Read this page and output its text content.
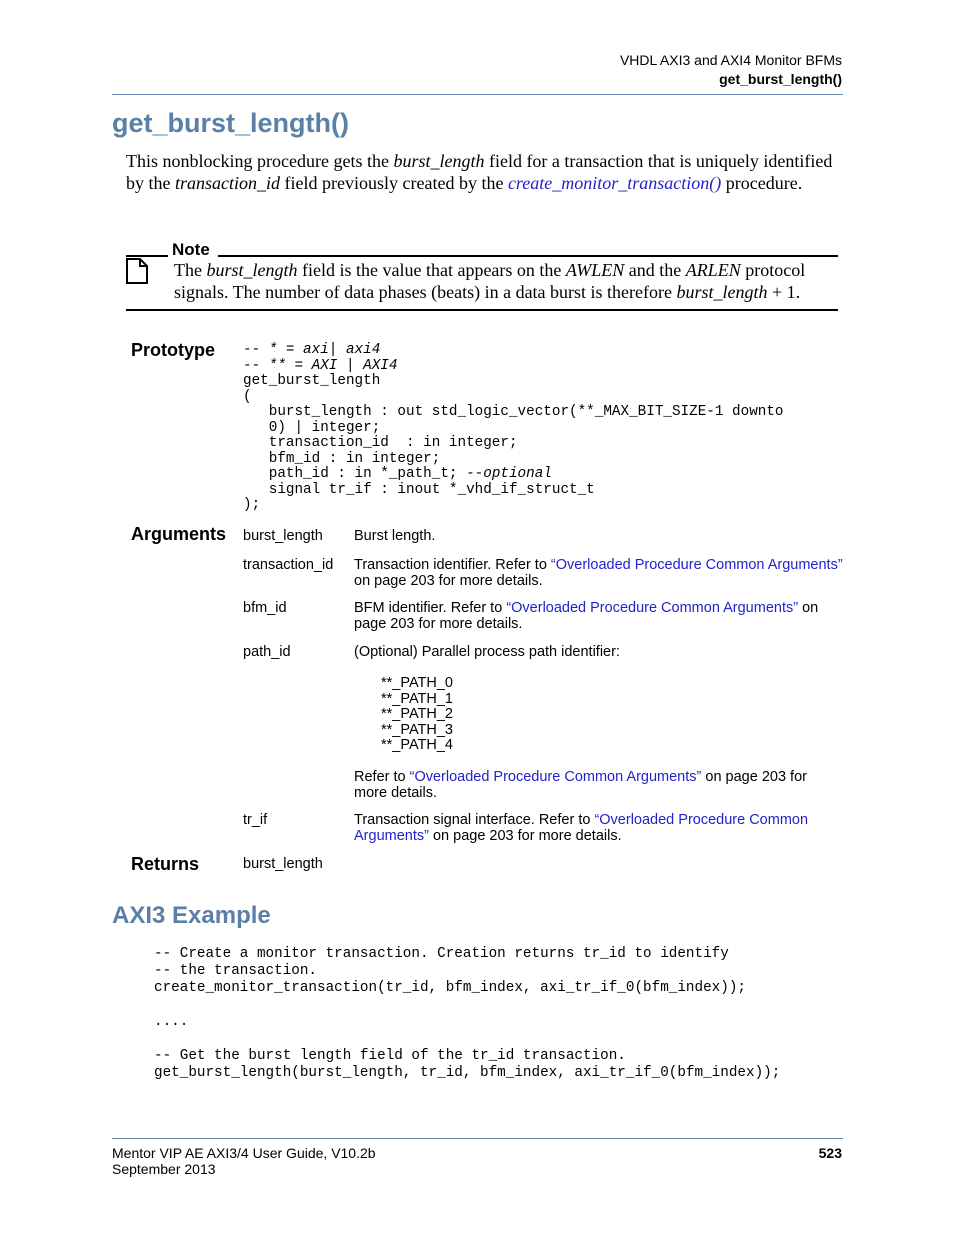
VHDL AXI3 and AXI4 Monitor BFMs
get_burst_length()
get_burst_length()
This nonblocking procedure gets the burst_length field for a transaction that is uniquely identified by the transaction_id field previously created by the create_monitor_transaction() procedure.
Note
The burst_length field is the value that appears on the AWLEN and the ARLEN protocol signals. The number of data phases (beats) in a data burst is therefore burst_length + 1.
Prototype -- * = axi| axi4
-- ** = AXI | AXI4
get_burst_length
(
burst_length : out std_logic_vector(**_MAX_BIT_SIZE-1 downto
0) | integer;
transaction_id  : in integer;
bfm_id : in integer;
path_id : in *_path_t; --optional
signal tr_if : inout *_vhd_if_struct_t
);
Arguments burst_length Burst length.
transaction_id Transaction identifier. Refer to “Overloaded Procedure Common Arguments” on page 203 for more details.
bfm_id	BFM identifier. Refer to “Overloaded Procedure Common Arguments” on page 203 for more details.
path_id	(Optional) Parallel process path identifier:
**_PATH_0
**_PATH_1
**_PATH_2
**_PATH_3
**_PATH_4
Refer to “Overloaded Procedure Common Arguments” on page 203 for more details.
tr_if	Transaction signal interface. Refer to “Overloaded Procedure Common Arguments” on page 203 for more details.
Returns	burst_length
AXI3 Example
-- Create a monitor transaction. Creation returns tr_id to identify
-- the transaction.
create_monitor_transaction(tr_id, bfm_index, axi_tr_if_0(bfm_index));

....

-- Get the burst length field of the tr_id transaction.
get_burst_length(burst_length, tr_id, bfm_index, axi_tr_if_0(bfm_index));
Mentor VIP AE AXI3/4 User Guide, V10.2b
September 2013
523
